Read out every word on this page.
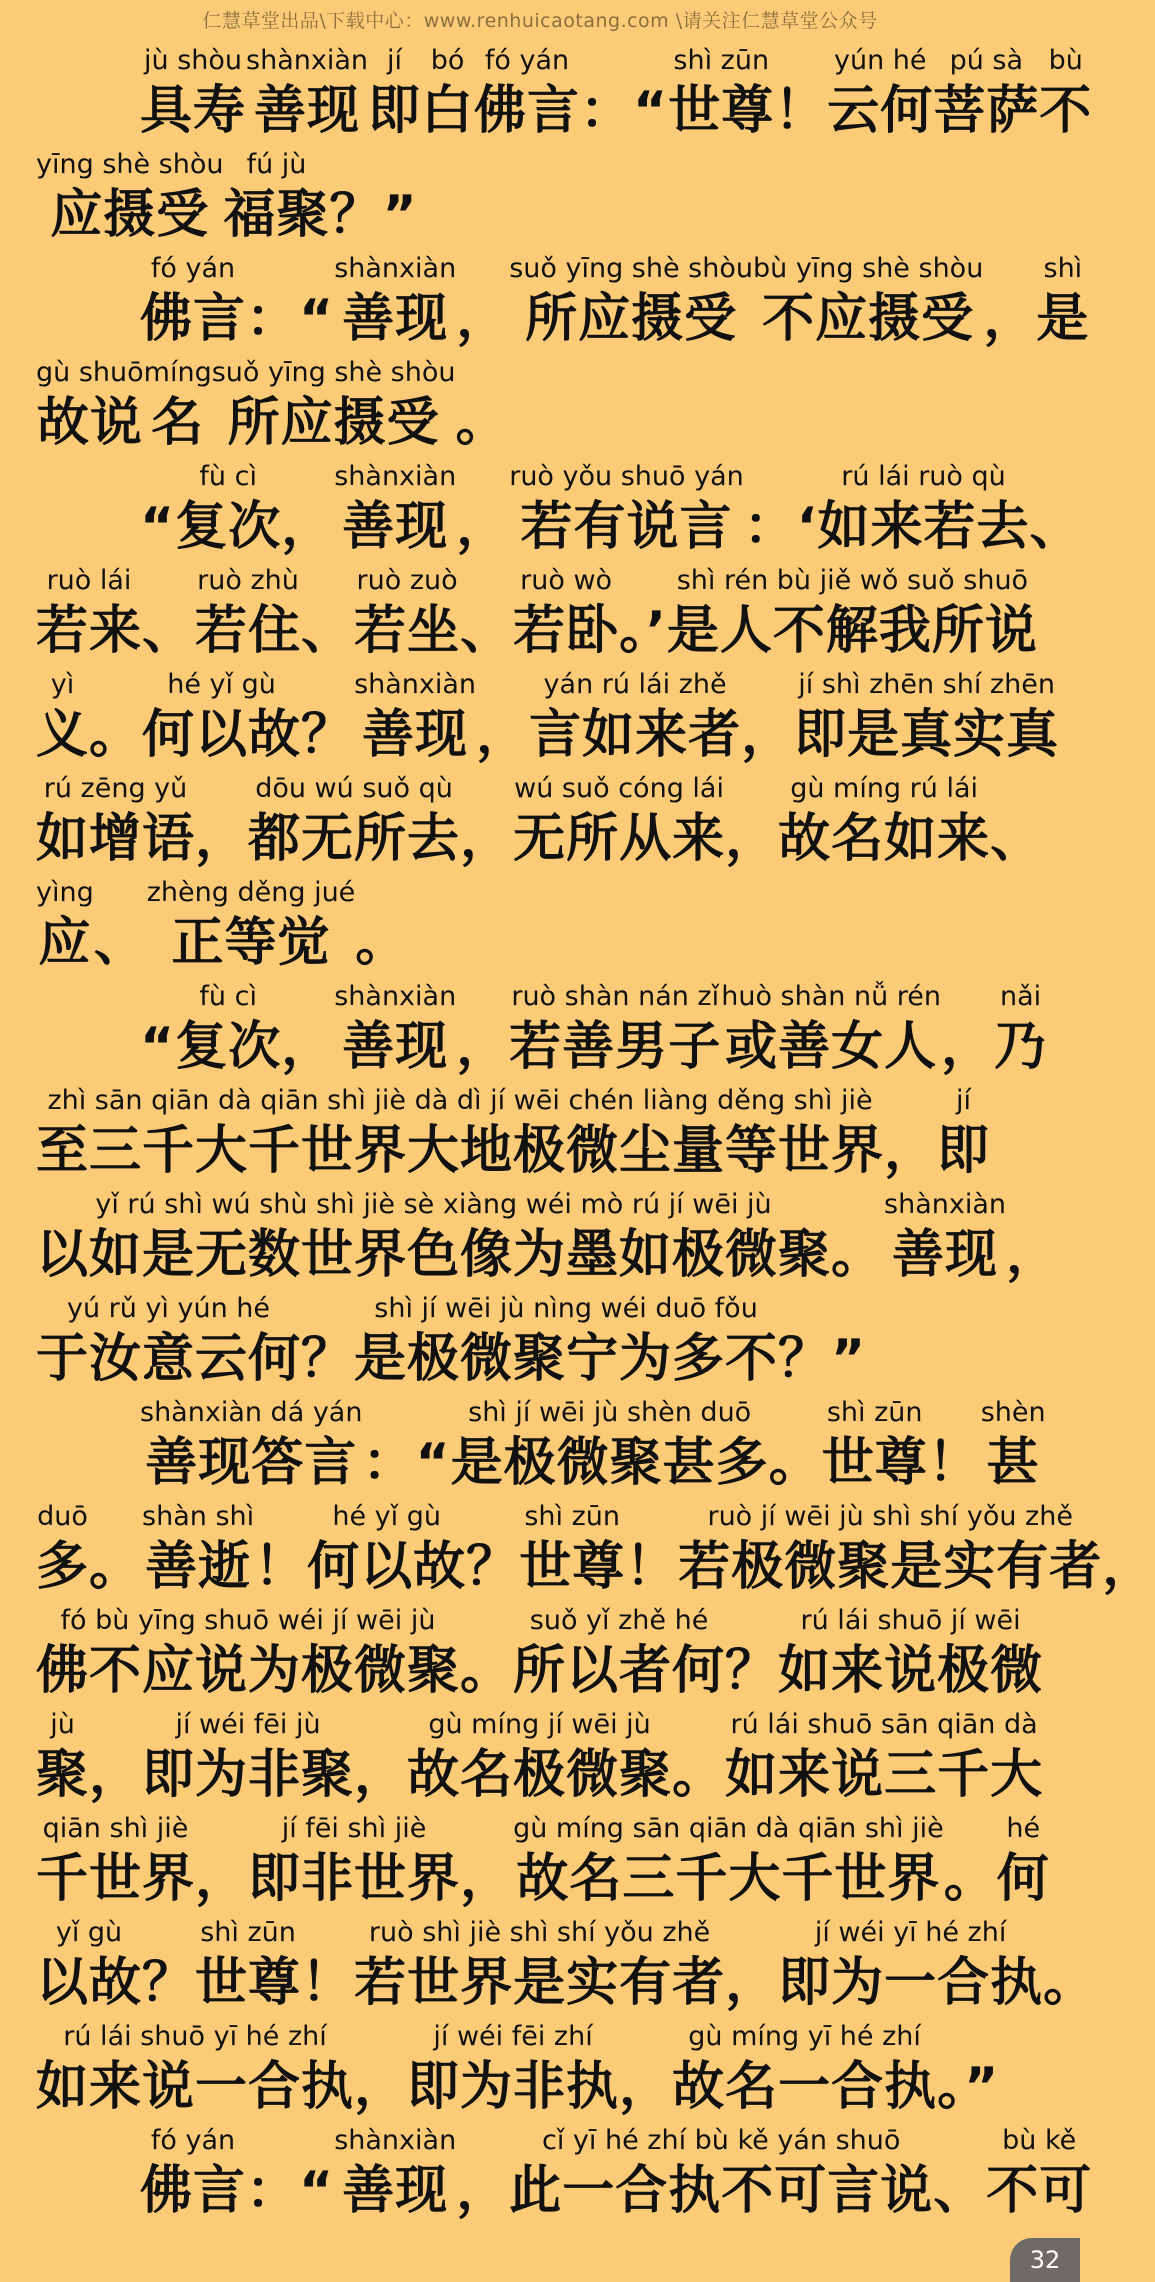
仁慧草堂出品\下载中心：www.renhuicaotang.com \请关注仁慧草堂公众号
jù shòu
具寿
shànxiàn
善现
jí
即
bó
白
fó yán
佛言 ：“
shì zūn
世尊 ！
yún hé
云何
pú sà
菩萨
bù
不
yīng shè shòu
应摄受
fú jù
福聚 ？”
fó yán
佛言 ：“
shànxiàn
善现 ，
suǒ yīng shè shòu
所应摄受
bù yīng shè shòu
不应摄受 ，
shì
是
gù shuō
故说
míng
名
suǒ yīng shè shòu
所应摄受 。
“
fù cì
复次 ，
shànxiàn
善现 ，
ruò yǒu shuō yán
若有说言 ：‘
rú lái ruò qù
如来若去 、
ruò lái
若来 、
ruò zhù
若住 、
ruò zuò
若坐 、
ruò wò
若卧 。’
shì rén bù jiě wǒ suǒ shuō
是人不解我所说
yì
义 。
hé yǐ gù
何以故 ？
shànxiàn
善现 ，
yán rú lái zhě
言如来者 ，
jí shì zhēn shí zhēn
即是真实真
rú zēng yǔ
如增语 ，
dōu wú suǒ qù
都无所去 ，
wú suǒ cóng lái
无所从来 ，
gù míng rú lái
故名如来 、
yìng
应 、
zhèng děng jué
正等觉 。
“
fù cì
复次 ，
shànxiàn
善现 ，
ruò shàn nán zǐ
若善男子
huò shàn nǚ rén
或善女人 ，
nǎi
乃
zhì sān qiān dà qiān shì jiè dà dì jí wēi chén liàng děng shì jiè
至三千大千世界大地极微尘量等世界 ，
jí
即
yǐ rú shì wú shù shì jiè sè xiàng wéi mò rú jí wēi jù
以如是无数世界色像为墨如极微聚 。
shànxiàn
善现 ，
yú rǔ yì yún hé
于汝意云何 ？
shì jí wēi jù nìng wéi duō fǒu
是极微聚宁为多不 ？”
shànxiàn dá yán
善现答言 ：“
shì jí wēi jù shèn duō
是极微聚甚多 。
shì zūn
世尊 ！
shèn
甚
duō
多 。
shàn shì
善逝 ！
hé yǐ gù
何以故 ？
shì zūn
世尊 ！
ruò jí wēi jù shì shí yǒu zhě
若极微聚是实有者 ，
fó bù yīng shuō wéi jí wēi jù
佛不应说为极微聚 。
suǒ yǐ zhě hé
所以者何 ？
rú lái shuō jí wēi
如来说极微
jù
聚 ，
jí wéi fēi jù
即为非聚 ，
gù míng jí wēi jù
故名极微聚 。
rú lái shuō sān qiān dà
如来说三千大
qiān shì jiè
千世界 ，
jí fēi shì jiè
即非世界 ，
gù míng sān qiān dà qiān shì jiè
故名三千大千世界 。
hé
何
yǐ gù
以故 ？
shì zūn
世尊 ！
ruò shì jiè shì shí yǒu zhě
若世界是实有者 ，
jí wéi yī hé zhí
即为一合执 。
rú lái shuō yī hé zhí
如来说一合执 ，
jí wéi fēi zhí
即为非执 ，
gù míng yī hé zhí
故名一合执 。”
fó yán
佛言 ：“
shànxiàn
善现 ，
cǐ yī hé zhí bù kě yán shuō
此一合执不可言说 、
bù kě
不可
32
